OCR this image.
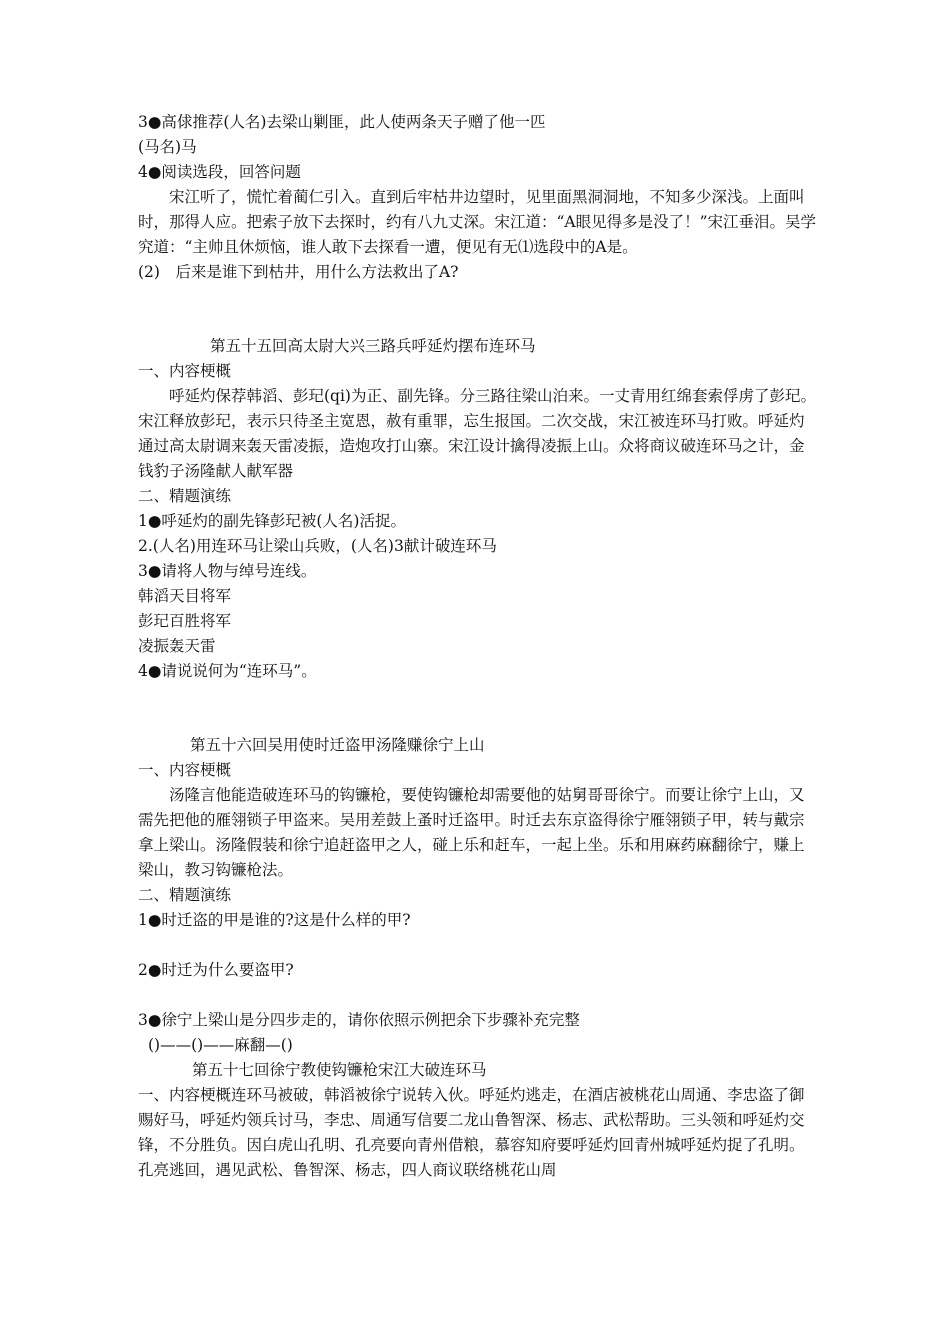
3●高俅推荐(人名)去梁山剿匪，此人使两条天子赠了他一匹
(马名)马
4●阅读选段，回答问题

宋江听了，慌忙着蔺仁引入。直到后牢枯井边望时，见里面黑洞洞地，不知多少深浅。上面叫时，那得人应。把索子放下去探时，约有八九丈深。宋江道：“A眼见得多是没了！”宋江垂泪。吴学究道：“主帅且休烦恼，谁人敢下去探看一遭，便见有无⑴选段中的A是。

(2)　后来是谁下到枯井，用什么方法救出了A?
第五十五回高太尉大兴三路兵呼延灼摆布连环马
一、内容梗概

呼延灼保荐韩滔、彭玘(qi)为正、副先锋。分三路往梁山泊来。一丈青用红绵套索俘虏了彭玘。宋江释放彭玘，表示只待圣主宽恩，赦有重罪，忘生报国。二次交战，宋江被连环马打败。呼延灼通过高太尉调来轰天雷凌振，造炮攻打山寨。宋江设计擒得凌振上山。众将商议破连环马之计，金钱豹子汤隆献人献军器

二、精题演练
1●呼延灼的副先锋彭玘被(人名)活捉。
2.(人名)用连环马让梁山兵败，(人名)3献计破连环马
3●请将人物与绰号连线。
韩滔天目将军
彭玘百胜将军
凌振轰天雷
4●请说说何为“连环马”。
第五十六回吴用使时迁盗甲汤隆赚徐宁上山
一、内容梗概

汤隆言他能造破连环马的钩镰枪，要使钩镰枪却需要他的姑舅哥哥徐宁。而要让徐宁上山，又需先把他的雁翎锁子甲盗来。吴用差鼓上蚤时迁盗甲。时迁去东京盗得徐宁雁翎锁子甲，转与戴宗拿上梁山。汤隆假装和徐宁追赶盗甲之人，碰上乐和赶车，一起上坐。乐和用麻药麻翻徐宁，赚上梁山，教习钩镰枪法。

二、精题演练
1●时迁盗的甲是谁的?这是什么样的甲?
2●时迁为什么要盗甲?
3●徐宁上梁山是分四步走的，请你依照示例把余下步骤补充完整
()——()——麻翻—()
第五十七回徐宁教使钩镰枪宋江大破连环马

一、内容梗概连环马被破，韩滔被徐宁说转入伙。呼延灼逃走，在酒店被桃花山周通、李忠盗了御赐好马，呼延灼领兵讨马，李忠、周通写信要二龙山鲁智深、杨志、武松帮助。三头领和呼延灼交锋，不分胜负。因白虎山孔明、孔亮要向青州借粮，慕容知府要呼延灼回青州城呼延灼捉了孔明。孔亮逃回，遇见武松、鲁智深、杨志，四人商议联络桃花山周
